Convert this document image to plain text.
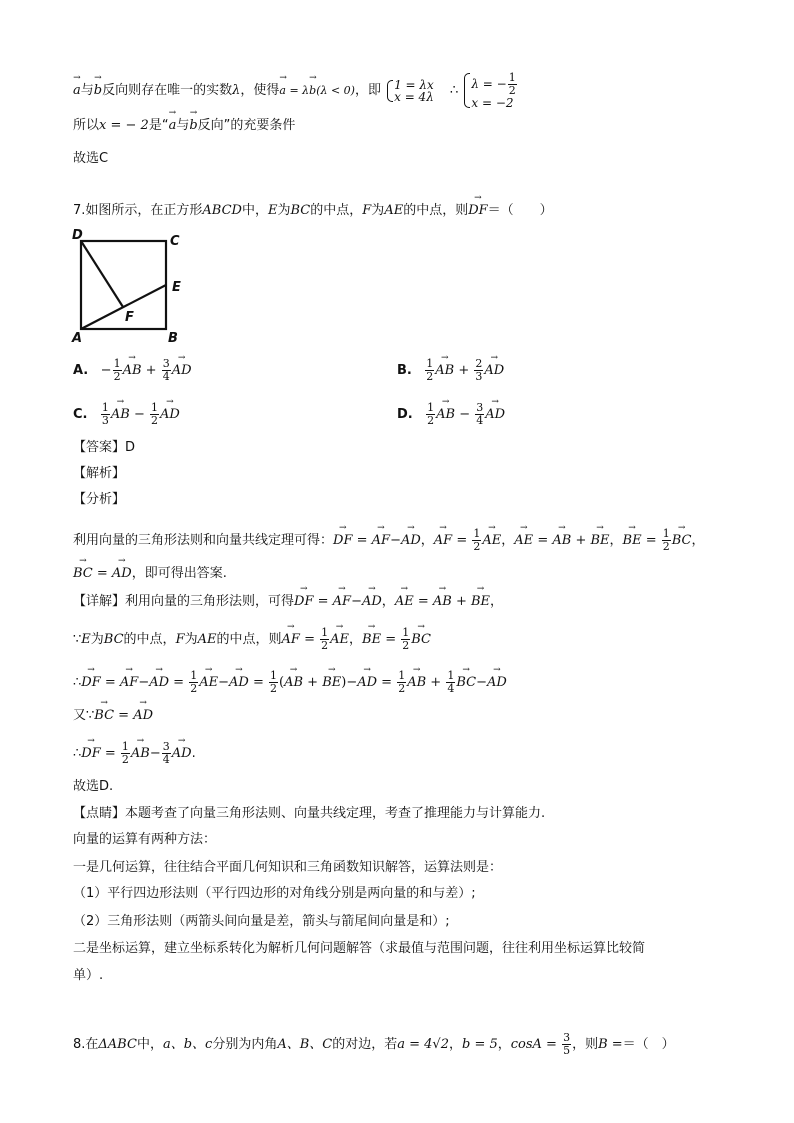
→ a与→ b反向则存在唯一的实数λ，使得→ a = λ→ b(λ < 0)，即 1 = λx
x = 4λ ∴ λ = − $\frac{1}{2}$

x = −2
所以x = − 2是“→ a与→ b反向”的充要条件
故选C
7.如图所示，在正方形ABCD中，E为BC的中点，F为AE的中点，则→ DF＝（　　）
D	C
E
F
A	B
A. − $\frac{1}{2}$
→ AB + $\frac{3}{4}$
→ AD	B. $\frac{1}{2}$
→ AB + $\frac{2}{3}$
→ AD
C. $\frac{1}{3}$
→ AB − $\frac{1}{2}$
→ AD	D. $\frac{1}{2}$
→ AB − $\frac{3}{4}$
→ AD
【答案】D
【解析】
【分析】
利用向量的三角形法则和向量共线定理可得：→ DF = → AF−→ AD，→ AF = $\frac{1}{2}$
→ AE，→ AE = → AB + → BE，→ BE = $\frac{1}{2}$
→ BC，
→ BC = → AD，即可得出答案.
【详解】利用向量的三角形法则，可得→ DF = → AF−→ AD，→ AE = → AB + → BE，
∵E为BC的中点，F为AE的中点，则→ AF = $\frac{1}{2}$
→ AE，→ BE = $\frac{1}{2}$
→ BC
∴→ DF = → AF−→ AD = $\frac{1}{2}$
→ AE−→ AD = $\frac{1}{2}$ (→ AB + → BE)−→ AD = $\frac{1}{2}$
→ AB + $\frac{1}{4}$
→ BC−→ AD
又∵→ BC = → AD
∴→ DF = $\frac{1}{2}$
→ $AB- \frac{3}{4}$
→ AD.
故选D.
【点睛】本题考查了向量三角形法则、向量共线定理，考查了推理能力与计算能力.
向量的运算有两种方法：
一是几何运算，往往结合平面几何知识和三角函数知识解答，运算法则是：
（1）平行四边形法则（平行四边形的对角线分别是两向量的和与差）;
（2）三角形法则（两箭头间向量是差，箭头与箭尾间向量是和）;
二是坐标运算，建立坐标系转化为解析几何问题解答（求最值与范围问题，往往利用坐标运算比较简
单）.
8.在ΔABC中，a、b、c分别为内角A、B、C的对边，若a = 4√2，b = 5，$\cos A = \frac{3}{5}$ ，则B =＝（　）
